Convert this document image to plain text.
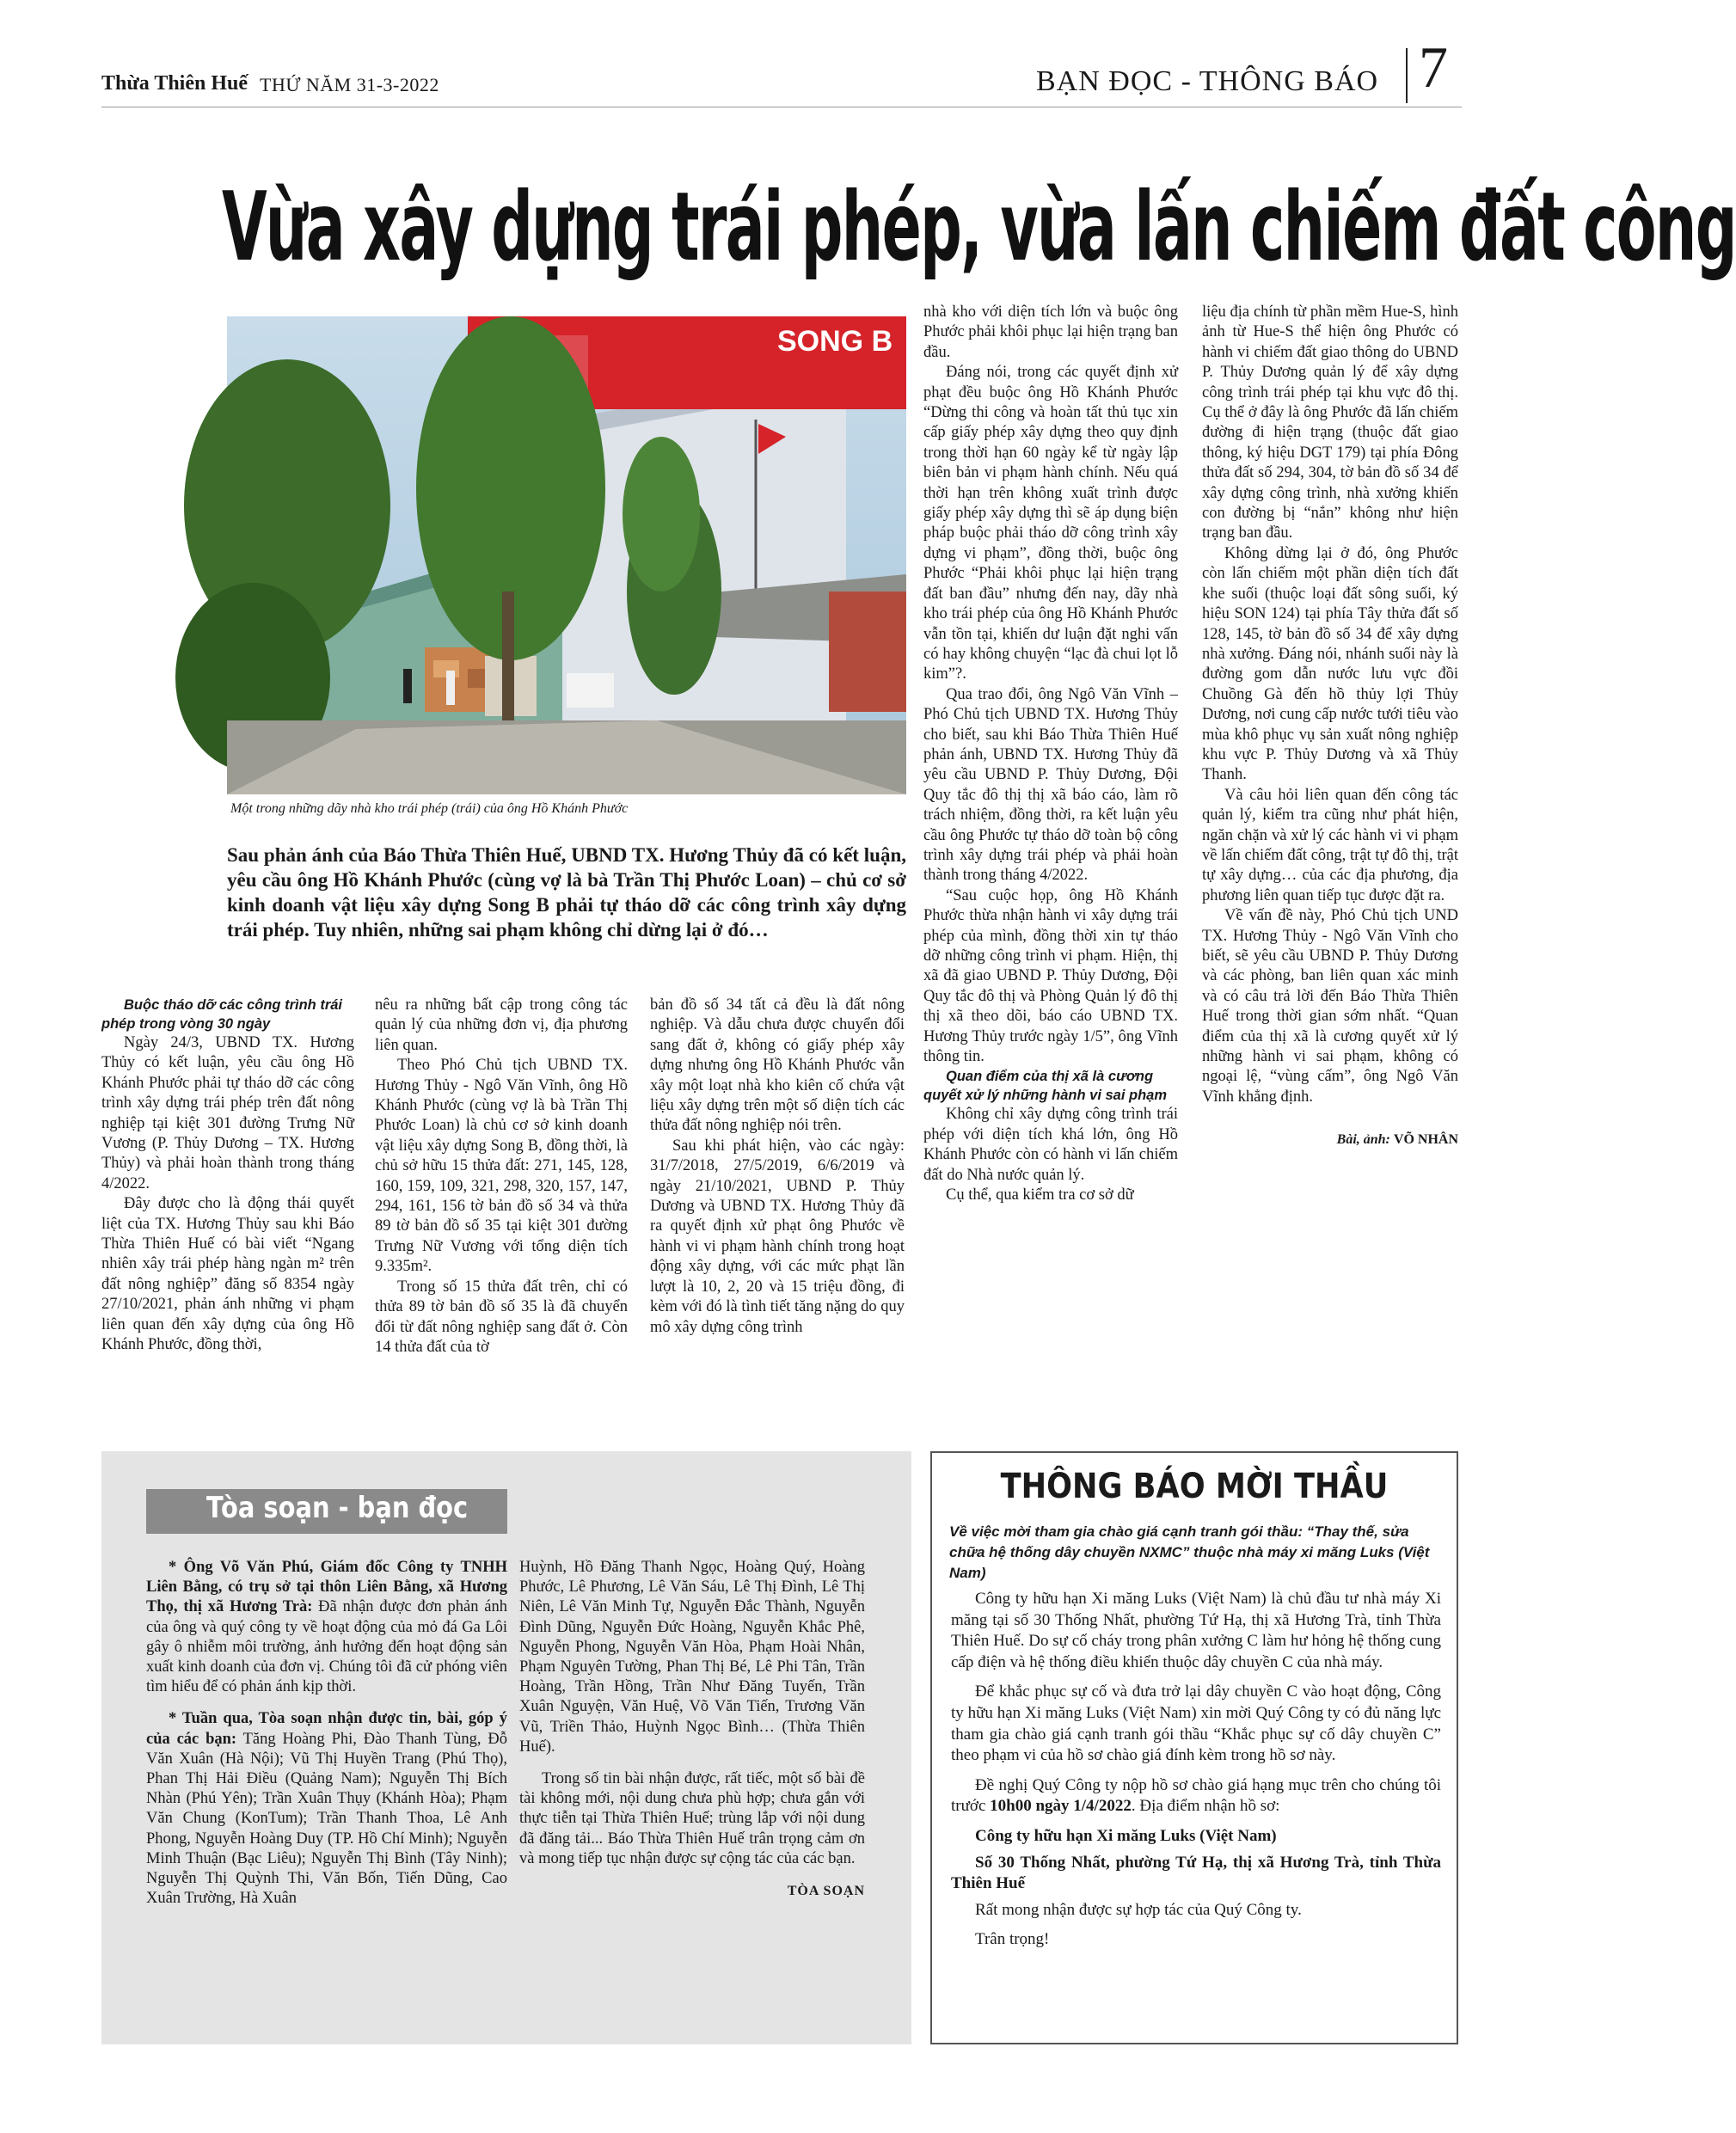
Thừa Thiên Huế THỨ NĂM 31-3-2022	BẠN ĐỌC - THÔNG BÁO 7
Vừa xây dựng trái phép, vừa lấn chiếm đất công
SONG B
Một trong những dãy nhà kho trái phép (trái) của ông Hồ Khánh Phước
Sau phản ánh của Báo Thừa Thiên Huế, UBND TX. Hương Thủy đã có kết luận, yêu cầu ông Hồ Khánh Phước (cùng vợ là bà Trần Thị Phước Loan) – chủ cơ sở kinh doanh vật liệu xây dựng Song B phải tự tháo dỡ các công trình xây dựng trái phép. Tuy nhiên, những sai phạm không chỉ dừng lại ở đó…

Buộc tháo dỡ các công trình trái phép trong vòng 30 ngày

Ngày 24/3, UBND TX. Hương Thủy có kết luận, yêu cầu ông Hồ Khánh Phước phải tự tháo dỡ các công trình xây dựng trái phép trên đất nông nghiệp tại kiệt 301 đường Trưng Nữ Vương (P. Thủy Dương – TX. Hương Thủy) và phải hoàn thành trong tháng 4/2022.

Đây được cho là động thái quyết liệt của TX. Hương Thủy sau khi Báo Thừa Thiên Huế có bài viết “Ngang nhiên xây trái phép hàng ngàn m² trên đất nông nghiệp” đăng số 8354 ngày 27/10/2021, phản ánh những vi phạm liên quan đến xây dựng của ông Hồ Khánh Phước, đồng thời,

nêu ra những bất cập trong công tác quản lý của những đơn vị, địa phương liên quan.

Theo Phó Chủ tịch UBND TX. Hương Thủy - Ngô Văn Vĩnh, ông Hồ Khánh Phước (cùng vợ là bà Trần Thị Phước Loan) là chủ cơ sở kinh doanh vật liệu xây dựng Song B, đồng thời, là chủ sở hữu 15 thửa đất: 271, 145, 128, 160, 159, 109, 321, 298, 320, 157, 147, 294, 161, 156 tờ bản đồ số 34 và thửa 89 tờ bản đồ số 35 tại kiệt 301 đường Trưng Nữ Vương với tổng diện tích 9.335m².

Trong số 15 thửa đất trên, chỉ có thửa 89 tờ bản đồ số 35 là đã chuyển đổi từ đất nông nghiệp sang đất ở. Còn 14 thửa đất của tờ

bản đồ số 34 tất cả đều là đất nông nghiệp. Và dẫu chưa được chuyển đổi sang đất ở, không có giấy phép xây dựng nhưng ông Hồ Khánh Phước vẫn xây một loạt nhà kho kiên cố chứa vật liệu xây dựng trên một số diện tích các thửa đất nông nghiệp nói trên.

Sau khi phát hiện, vào các ngày: 31/7/2018, 27/5/2019, 6/6/2019 và ngày 21/10/2021, UBND P. Thủy Dương và UBND TX. Hương Thủy đã ra quyết định xử phạt ông Phước về hành vi vi phạm hành chính trong hoạt động xây dựng, với các mức phạt lần lượt là 10, 2, 20 và 15 triệu đồng, đi kèm với đó là tình tiết tăng nặng do quy mô xây dựng công trình

nhà kho với diện tích lớn và buộc ông Phước phải khôi phục lại hiện trạng ban đầu.

Đáng nói, trong các quyết định xử phạt đều buộc ông Hồ Khánh Phước “Dừng thi công và hoàn tất thủ tục xin cấp giấy phép xây dựng theo quy định trong thời hạn 60 ngày kể từ ngày lập biên bản vi phạm hành chính. Nếu quá thời hạn trên không xuất trình được giấy phép xây dựng thì sẽ áp dụng biện pháp buộc phải tháo dỡ công trình xây dựng vi phạm”, đồng thời, buộc ông Phước “Phải khôi phục lại hiện trạng đất ban đầu” nhưng đến nay, dãy nhà kho trái phép của ông Hồ Khánh Phước vẫn tồn tại, khiến dư luận đặt nghi vấn có hay không chuyện “lạc đà chui lọt lỗ kim”?.

Qua trao đổi, ông Ngô Văn Vĩnh – Phó Chủ tịch UBND TX. Hương Thủy cho biết, sau khi Báo Thừa Thiên Huế phản ánh, UBND TX. Hương Thủy đã yêu cầu UBND P. Thủy Dương, Đội Quy tắc đô thị thị xã báo cáo, làm rõ trách nhiệm, đồng thời, ra kết luận yêu cầu ông Phước tự tháo dỡ toàn bộ công trình xây dựng trái phép và phải hoàn thành trong tháng 4/2022.

“Sau cuộc họp, ông Hồ Khánh Phước thừa nhận hành vi xây dựng trái phép của mình, đồng thời xin tự tháo dỡ những công trình vi phạm. Hiện, thị xã đã giao UBND P. Thủy Dương, Đội Quy tắc đô thị và Phòng Quản lý đô thị thị xã theo dõi, báo cáo UBND TX. Hương Thủy trước ngày 1/5”, ông Vĩnh thông tin.

Quan điểm của thị xã là cương quyết xử lý những hành vi sai phạm

Không chỉ xây dựng công trình trái phép với diện tích khá lớn, ông Hồ Khánh Phước còn có hành vi lấn chiếm đất do Nhà nước quản lý.

Cụ thể, qua kiểm tra cơ sở dữ

liệu địa chính từ phần mềm Hue-S, hình ảnh từ Hue-S thể hiện ông Phước có hành vi chiếm đất giao thông do UBND P. Thủy Dương quản lý để xây dựng công trình trái phép tại khu vực đô thị. Cụ thể ở đây là ông Phước đã lấn chiếm đường đi hiện trạng (thuộc đất giao thông, ký hiệu DGT 179) tại phía Đông thửa đất số 294, 304, tờ bản đồ số 34 để xây dựng công trình, nhà xưởng khiến con đường bị “nắn” không như hiện trạng ban đầu.

Không dừng lại ở đó, ông Phước còn lấn chiếm một phần diện tích đất khe suối (thuộc loại đất sông suối, ký hiệu SON 124) tại phía Tây thửa đất số 128, 145, tờ bản đồ số 34 để xây dựng nhà xưởng. Đáng nói, nhánh suối này là đường gom dẫn nước lưu vực đồi Chuồng Gà đến hồ thủy lợi Thủy Dương, nơi cung cấp nước tưới tiêu vào mùa khô phục vụ sản xuất nông nghiệp khu vực P. Thủy Dương và xã Thủy Thanh.

Và câu hỏi liên quan đến công tác quản lý, kiểm tra cũng như phát hiện, ngăn chặn và xử lý các hành vi vi phạm về lấn chiếm đất công, trật tự đô thị, trật tự xây dựng… của các địa phương, địa phương liên quan tiếp tục được đặt ra.

Về vấn đề này, Phó Chủ tịch UND TX. Hương Thủy - Ngô Văn Vĩnh cho biết, sẽ yêu cầu UBND P. Thủy Dương và các phòng, ban liên quan xác minh và có câu trả lời đến Báo Thừa Thiên Huế trong thời gian sớm nhất. “Quan điểm của thị xã là cương quyết xử lý những hành vi sai phạm, không có ngoại lệ, “vùng cấm”, ông Ngô Văn Vĩnh khẳng định.

Bài, ảnh: VÕ NHÂN
Tòa soạn - bạn đọc

* Ông Võ Văn Phú, Giám đốc Công ty TNHH Liên Bằng, có trụ sở tại thôn Liên Bằng, xã Hương Thọ, thị xã Hương Trà: Đã nhận được đơn phản ánh của ông và quý công ty về hoạt động của mỏ đá Ga Lôi gây ô nhiễm môi trường, ảnh hưởng đến hoạt động sản xuất kinh doanh của đơn vị. Chúng tôi đã cử phóng viên tìm hiểu để có phản ánh kịp thời.

* Tuần qua, Tòa soạn nhận được tin, bài, góp ý của các bạn: Tăng Hoàng Phi, Đào Thanh Tùng, Đỗ Văn Xuân (Hà Nội); Vũ Thị Huyền Trang (Phú Thọ), Phan Thị Hải Điều (Quảng Nam); Nguyễn Thị Bích Nhàn (Phú Yên); Trần Xuân Thụy (Khánh Hòa); Phạm Văn Chung (KonTum); Trần Thanh Thoa, Lê Anh Phong, Nguyễn Hoàng Duy (TP. Hồ Chí Minh); Nguyễn Minh Thuận (Bạc Liêu); Nguyễn Thị Bình (Tây Ninh); Nguyễn Thị Quỳnh Thi, Văn Bốn, Tiến Dũng, Cao Xuân Trường, Hà Xuân

Huỳnh, Hồ Đăng Thanh Ngọc, Hoàng Quý, Hoàng Phước, Lê Phương, Lê Văn Sáu, Lê Thị Đình, Lê Thị Niên, Lê Văn Minh Tự, Nguyễn Đắc Thành, Nguyễn Đình Dũng, Nguyễn Đức Hoàng, Nguyễn Khắc Phê, Nguyễn Phong, Nguyễn Văn Hòa, Phạm Hoài Nhân, Phạm Nguyên Tường, Phan Thị Bé, Lê Phi Tân, Trần Hoàng, Trần Hồng, Trần Như Đăng Tuyến, Trần Xuân Nguyện, Văn Huệ, Võ Văn Tiến, Trương Văn Vũ, Triền Thảo, Huỳnh Ngọc Bình… (Thừa Thiên Huế).

Trong số tin bài nhận được, rất tiếc, một số bài đề tài không mới, nội dung chưa phù hợp; chưa gắn với thực tiễn tại Thừa Thiên Huế; trùng lắp với nội dung đã đăng tải... Báo Thừa Thiên Huế trân trọng cảm ơn và mong tiếp tục nhận được sự cộng tác của các bạn.

TÒA SOẠN
THÔNG BÁO MỜI THẦU
Về việc mời tham gia chào giá cạnh tranh gói thầu: “Thay thế, sửa chữa hệ thống dây chuyền NXMC” thuộc nhà máy xi măng Luks (Việt Nam)

Công ty hữu hạn Xi măng Luks (Việt Nam) là chủ đầu tư nhà máy Xi măng tại số 30 Thống Nhất, phường Tứ Hạ, thị xã Hương Trà, tỉnh Thừa Thiên Huế. Do sự cố cháy trong phân xưởng C làm hư hỏng hệ thống cung cấp điện và hệ thống điều khiển thuộc dây chuyền C của nhà máy.

Để khắc phục sự cố và đưa trở lại dây chuyền C vào hoạt động, Công ty hữu hạn Xi măng Luks (Việt Nam) xin mời Quý Công ty có đủ năng lực tham gia chào giá cạnh tranh gói thầu “Khắc phục sự cố dây chuyền C” theo phạm vi của hồ sơ chào giá đính kèm trong hồ sơ này.

Đề nghị Quý Công ty nộp hồ sơ chào giá hạng mục trên cho chúng tôi trước 10h00 ngày 1/4/2022. Địa điểm nhận hồ sơ:

Công ty hữu hạn Xi măng Luks (Việt Nam)

Số 30 Thống Nhất, phường Tứ Hạ, thị xã Hương Trà, tỉnh Thừa Thiên Huế

Rất mong nhận được sự hợp tác của Quý Công ty.

Trân trọng!
